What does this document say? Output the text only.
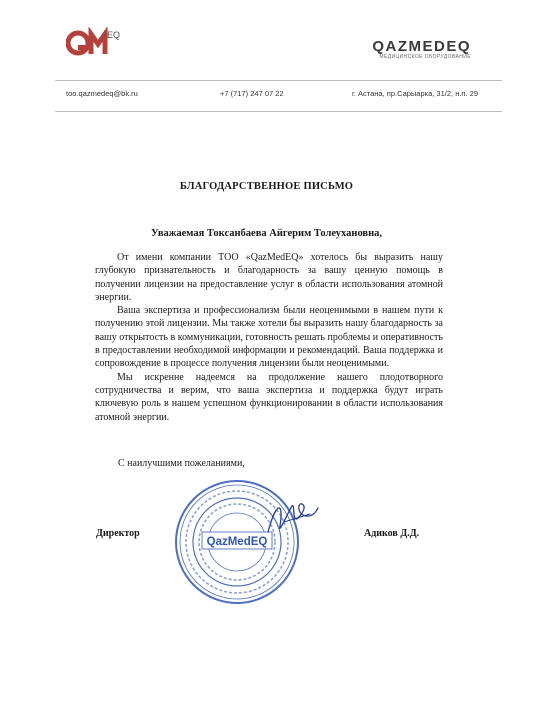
EQ
QAZMEDEQ
МЕДИЦИНСКОЕ ОБОРУДОВАНИЕ
too.qazmedeq@bk.ru	+7 (717) 247 07 22	г. Астана, пр.Сарыарка, 31/2, н.п. 29
БЛАГОДАРСТВЕННОЕ ПИСЬМО
Уважаемая Токсанбаева Айгерим Толеухановна,

От имени компании ТОО «QazMedEQ» хотелось бы выразить нашу глубокую признательность и благодарность за вашу ценную помощь в получении лицензии на предоставление услуг в области использования атомной энергии.

Ваша экспертиза и профессионализм были неоценимыми в нашем пути к получению этой лицензии. Мы также хотели бы выразить нашу благодарность за вашу открытость в коммуникации, готовность решать проблемы и оперативность в предоставлении необходимой информации и рекомендаций. Ваша поддержка и сопровождение в процессе получения лицензии были неоценимыми.

Мы искренне надеемся на продолжение нашего плодотворного сотрудничества и верим, что ваша экспертиза и поддержка будут играть ключевую роль в нашем успешном функционировании в области использования атомной энергии.

С наилучшими пожеланиями,
Директор	Адиков Д.Д.
QazMedEQ
